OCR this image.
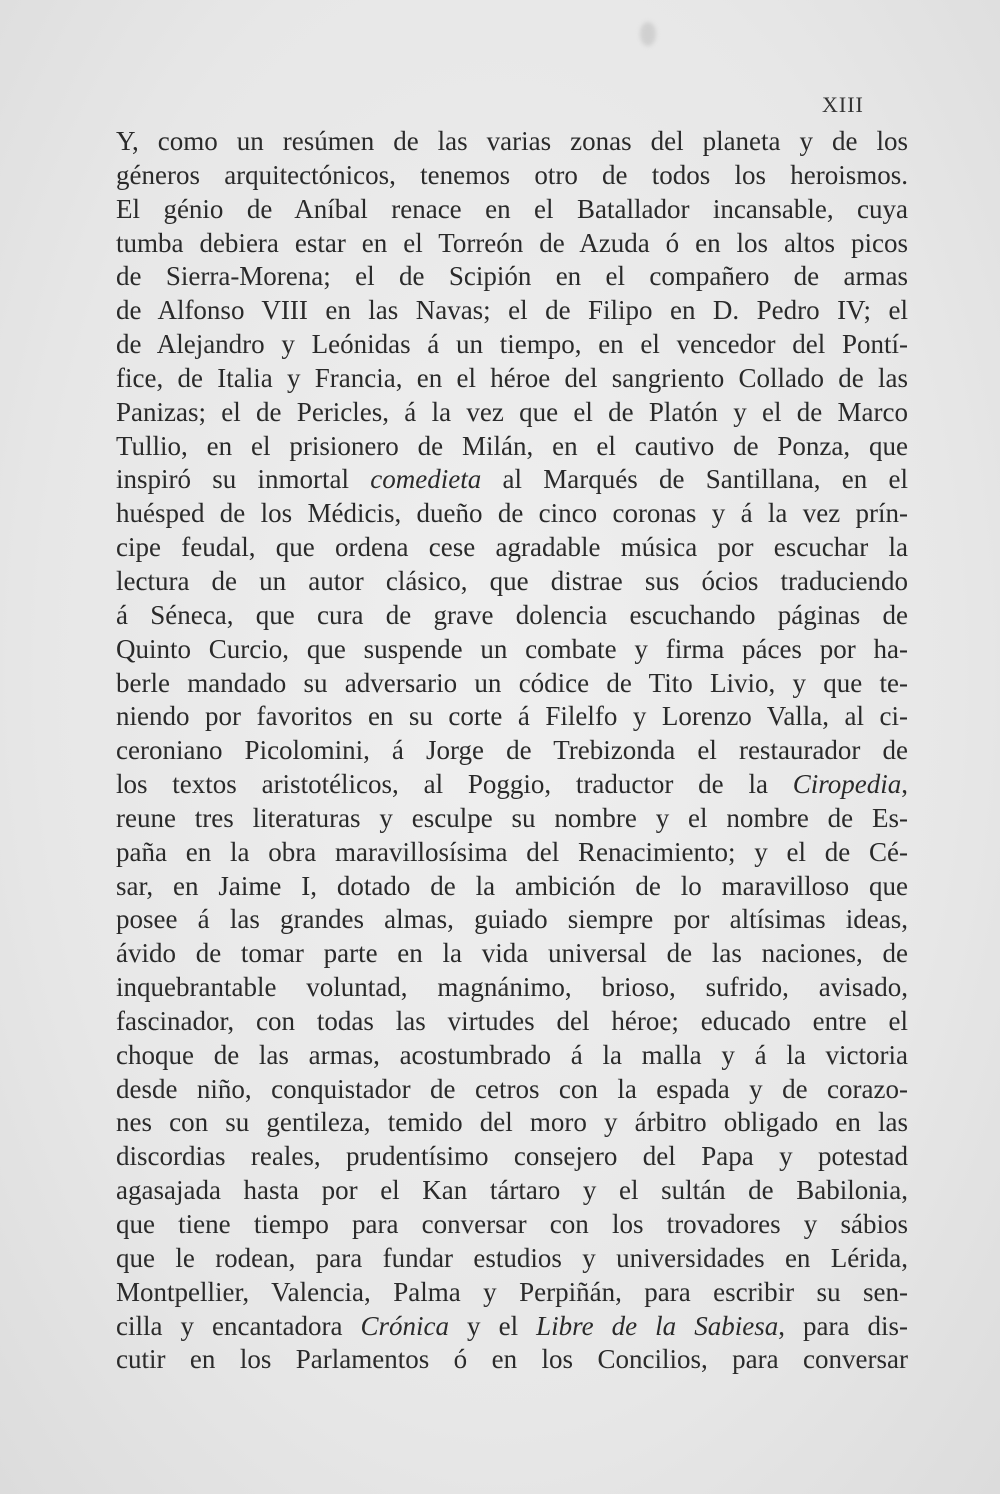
XIII
Y, como un resúmen de las varias zonas del planeta y de los
géneros arquitectónicos, tenemos otro de todos los heroismos.
El génio de Aníbal renace en el Batallador incansable, cuya
tumba debiera estar en el Torreón de Azuda ó en los altos picos
de Sierra-Morena; el de Scipión en el compañero de armas
de Alfonso VIII en las Navas; el de Filipo en D. Pedro IV; el
de Alejandro y Leónidas á un tiempo, en el vencedor del Pontí-
fice, de Italia y Francia, en el héroe del sangriento Collado de las
Panizas; el de Pericles, á la vez que el de Platón y el de Marco
Tullio, en el prisionero de Milán, en el cautivo de Ponza, que
inspiró su inmortal comedieta al Marqués de Santillana, en el
huésped de los Médicis, dueño de cinco coronas y á la vez prín-
cipe feudal, que ordena cese agradable música por escuchar la
lectura de un autor clásico, que distrae sus ócios traduciendo
á Séneca, que cura de grave dolencia escuchando páginas de
Quinto Curcio, que suspende un combate y firma páces por ha-
berle mandado su adversario un códice de Tito Livio, y que te-
niendo por favoritos en su corte á Filelfo y Lorenzo Valla, al ci-
ceroniano Picolomini, á Jorge de Trebizonda el restaurador de
los textos aristotélicos, al Poggio, traductor de la Ciropedia,
reune tres literaturas y esculpe su nombre y el nombre de Es-
paña en la obra maravillosísima del Renacimiento; y el de Cé-
sar, en Jaime I, dotado de la ambición de lo maravilloso que
posee á las grandes almas, guiado siempre por altísimas ideas,
ávido de tomar parte en la vida universal de las naciones, de
inquebrantable voluntad, magnánimo, brioso, sufrido, avisado,
fascinador, con todas las virtudes del héroe; educado entre el
choque de las armas, acostumbrado á la malla y á la victoria
desde niño, conquistador de cetros con la espada y de corazo-
nes con su gentileza, temido del moro y árbitro obligado en las
discordias reales, prudentísimo consejero del Papa y potestad
agasajada hasta por el Kan tártaro y el sultán de Babilonia,
que tiene tiempo para conversar con los trovadores y sábios
que le rodean, para fundar estudios y universidades en Lérida,
Montpellier, Valencia, Palma y Perpiñán, para escribir su sen-
cilla y encantadora Crónica y el Libre de la Sabiesa, para dis-
cutir en los Parlamentos ó en los Concilios, para conversar
